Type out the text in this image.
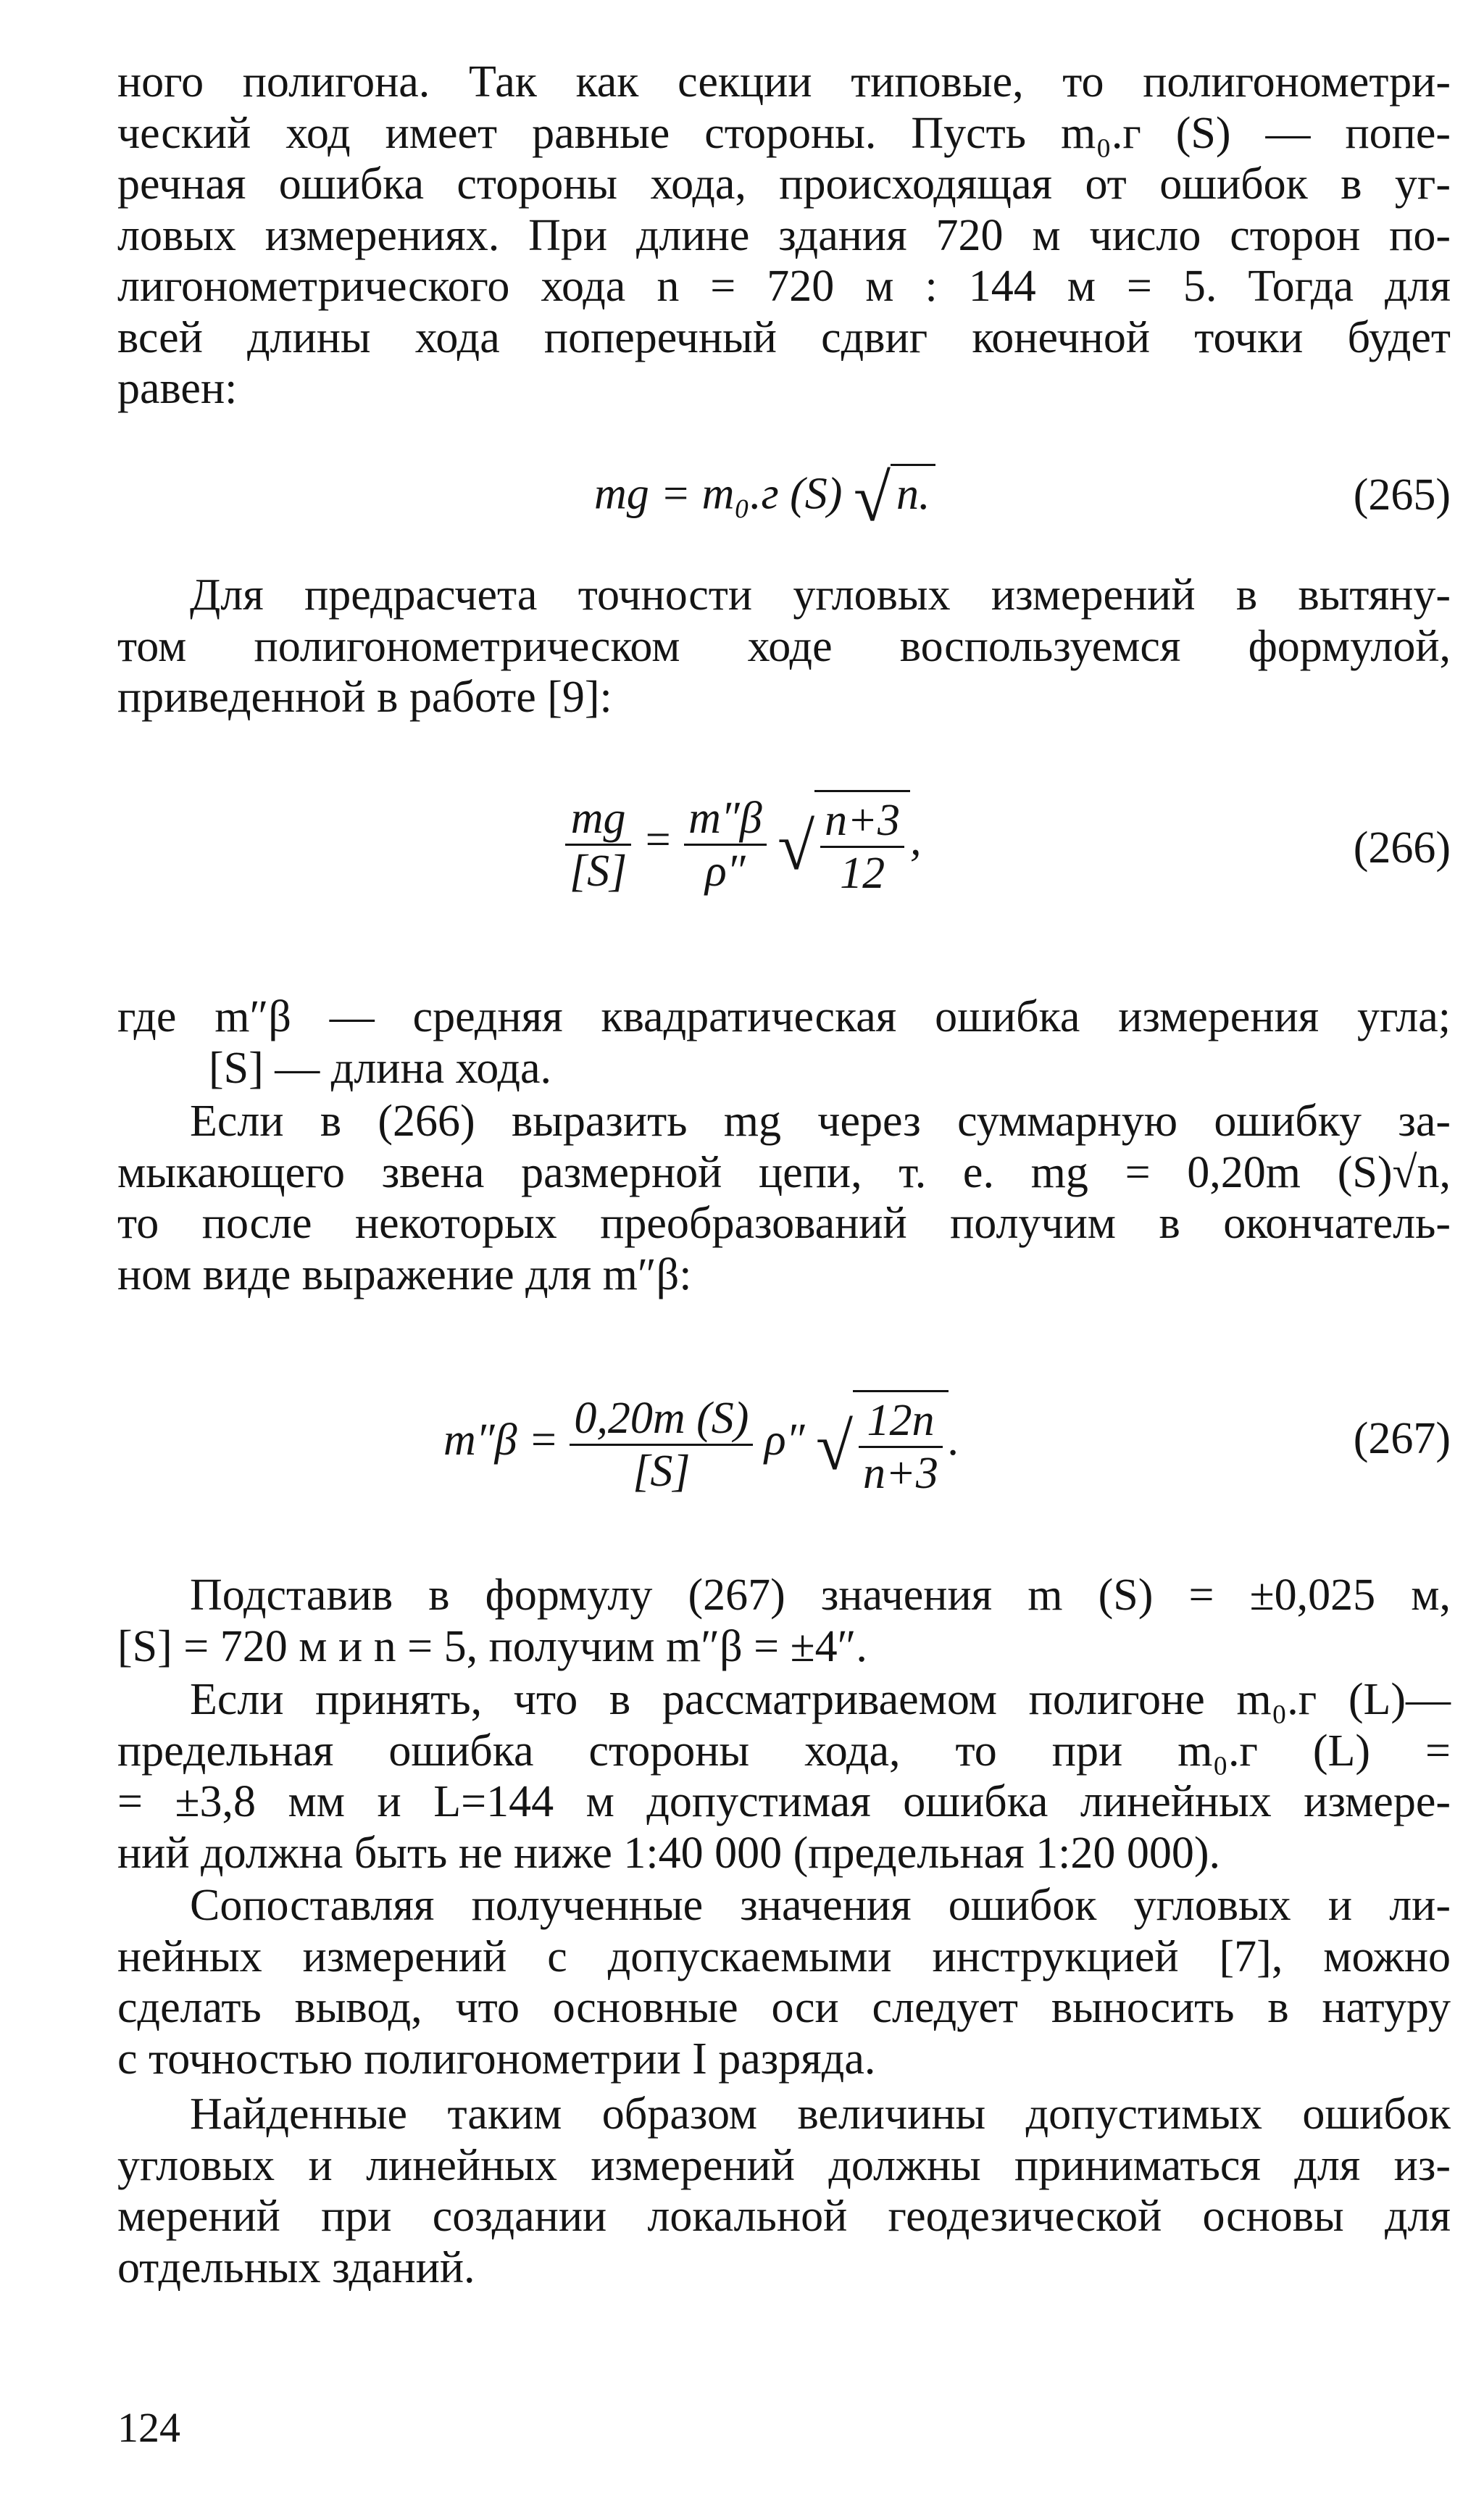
ного полигона. Так как секции типовые, то полигонометри-
ческий ход имеет равные стороны. Пусть m₀.г (S) — попе-
речная ошибка стороны хода, происходящая от ошибок в уг-
ловых измерениях. При длине здания 720 м число сторон по-
лигонометрического хода n = 720 м : 144 м = 5. Тогда для
всей длины хода поперечный сдвиг конечной точки будет
равен:
mg = m₀.г (S) √ n.	(265)
Для предрасчета точности угловых измерений в вытяну-
том полигонометрическом ходе воспользуемся формулой,
приведенной в работе [9]:
$\frac{mg}{[S]} = \frac{m''\beta}{\rho''}$ √ $\frac{n+3}{12}$ ,	(266)
где m″β — средняя квадратическая ошибка измерения угла;
[S] — длина хода.
Если в (266) выразить mg через суммарную ошибку за-
мыкающего звена размерной цепи, т. е. mg = 0,20m (S)√n,
то после некоторых преобразований получим в окончатель-
ном виде выражение для m″β:
$m''\beta = \frac{0,20m (S)}{[S]} \rho''$ √ $\frac{12n}{n+3}$ .	(267)
Подставив в формулу (267) значения m (S) = ±0,025 м,
[S] = 720 м и n = 5, получим m″β = ±4″.
Если принять, что в рассматриваемом полигоне m₀.г (L)—
предельная ошибка стороны хода, то при m₀.г (L) =
= ±3,8 мм и L=144 м допустимая ошибка линейных измере-
ний должна быть не ниже 1:40 000 (предельная 1:20 000).
Сопоставляя полученные значения ошибок угловых и ли-
нейных измерений с допускаемыми инструкцией [7], можно
сделать вывод, что основные оси следует выносить в натуру
с точностью полигонометрии I разряда.
Найденные таким образом величины допустимых ошибок
угловых и линейных измерений должны приниматься для из-
мерений при создании локальной геодезической основы для
отдельных зданий.
124
